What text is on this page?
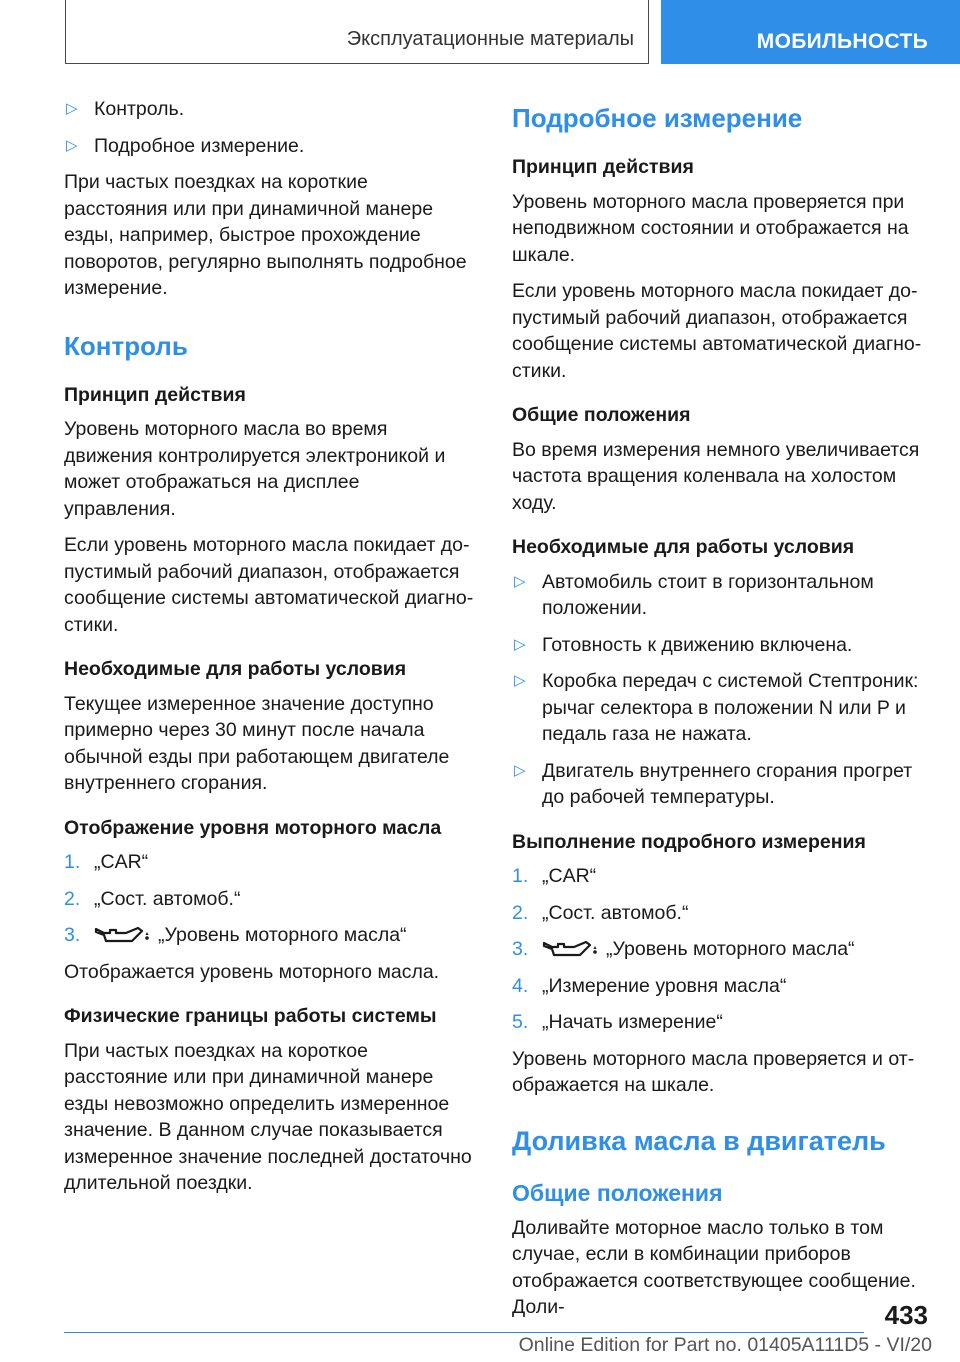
Эксплуатационные материалы	МОБИЛЬНОСТЬ
▷ Контроль.
▷ Подробное измерение.

При частых поездках на короткие расстояния или при динамичной манере езды, например, быстрое прохождение поворотов, регулярно выполнять подробное измерение.

Контроль
Принцип действия

Уровень моторного масла во время движения контролируется электроникой и может отображаться на дисплее управления.

Если уровень моторного масла покидает допустимый рабочий диапазон, отображается сообщение системы автоматической диагностики.

Необходимые для работы условия

Текущее измеренное значение доступно примерно через 30 минут после начала обычной езды при работающем двигателе внутреннего сгорания.

Отображение уровня моторного масла
1. „CAR“
2. „Сост. автомоб.“
3.	„Уровень моторного масла“

Отображается уровень моторного масла.

Физические границы работы системы

При частых поездках на короткое расстояние или при динамичной манере езды невозможно определить измеренное значение. В данном случае показывается измеренное значение последней достаточно длительной поездки.

Подробное измерение
Принцип действия

Уровень моторного масла проверяется при неподвижном состоянии и отображается на шкале.

Если уровень моторного масла покидает допустимый рабочий диапазон, отображается сообщение системы автоматической диагностики.

Общие положения

Во время измерения немного увеличивается частота вращения коленвала на холостом ходу.

Необходимые для работы условия
▷ Автомобиль стоит в горизонтальном положении.
▷ Готовность к движению включена.
▷ Коробка передач с системой Стептроник: рычаг селектора в положении N или P и педаль газа не нажата.
▷ Двигатель внутреннего сгорания прогрет до рабочей температуры.
Выполнение подробного измерения
1. „CAR“
2. „Сост. автомоб.“
3.	„Уровень моторного масла“
4. „Измерение уровня масла“
5. „Начать измерение“

Уровень моторного масла проверяется и отображается на шкале.

Доливка масла в двигатель
Общие положения

Доливайте моторное масло только в том случае, если в комбинации приборов отображается соответствующее сообщение. Доли-	433
Online Edition for Part no. 01405A111D5 - VI/20
